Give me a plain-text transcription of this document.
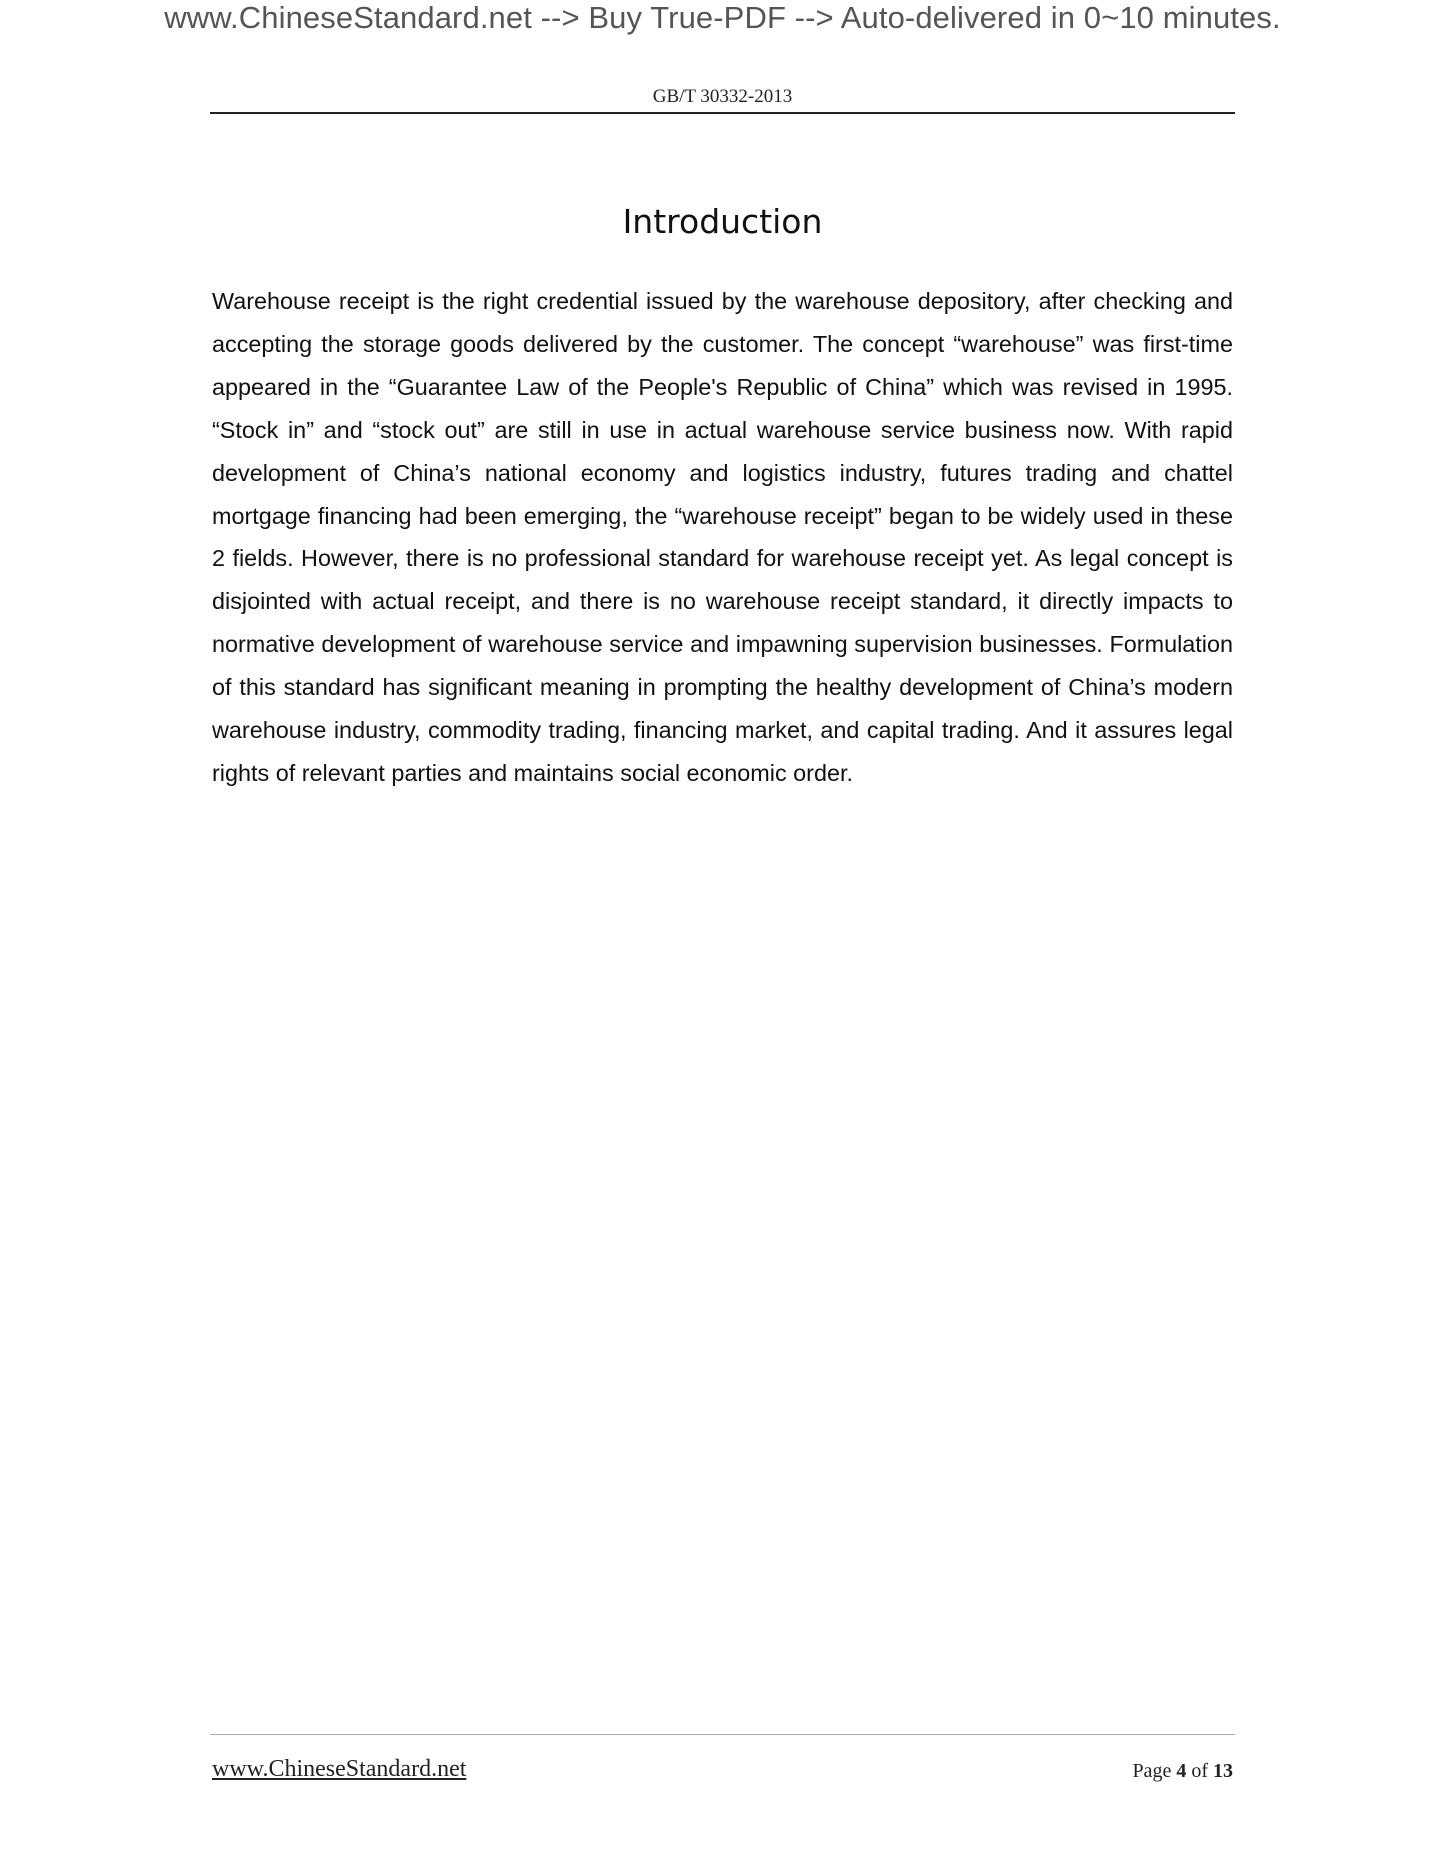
www.ChineseStandard.net --> Buy True-PDF --> Auto-delivered in 0~10 minutes.
GB/T 30332-2013
Introduction

Warehouse receipt is the right credential issued by the warehouse depository, after checking and accepting the storage goods delivered by the customer. The concept “warehouse” was first-time appeared in the “Guarantee Law of the People's Republic of China” which was revised in 1995. “Stock in” and “stock out” are still in use in actual warehouse service business now. With rapid development of China’s national economy and logistics industry, futures trading and chattel mortgage financing had been emerging, the “warehouse receipt” began to be widely used in these 2 fields. However, there is no professional standard for warehouse receipt yet. As legal concept is disjointed with actual receipt, and there is no warehouse receipt standard, it directly impacts to normative development of warehouse service and impawning supervision businesses. Formulation of this standard has significant meaning in prompting the healthy development of China’s modern warehouse industry, commodity trading, financing market, and capital trading. And it assures legal rights of relevant parties and maintains social economic order.

www.ChineseStandard.net	Page 4 of 13
